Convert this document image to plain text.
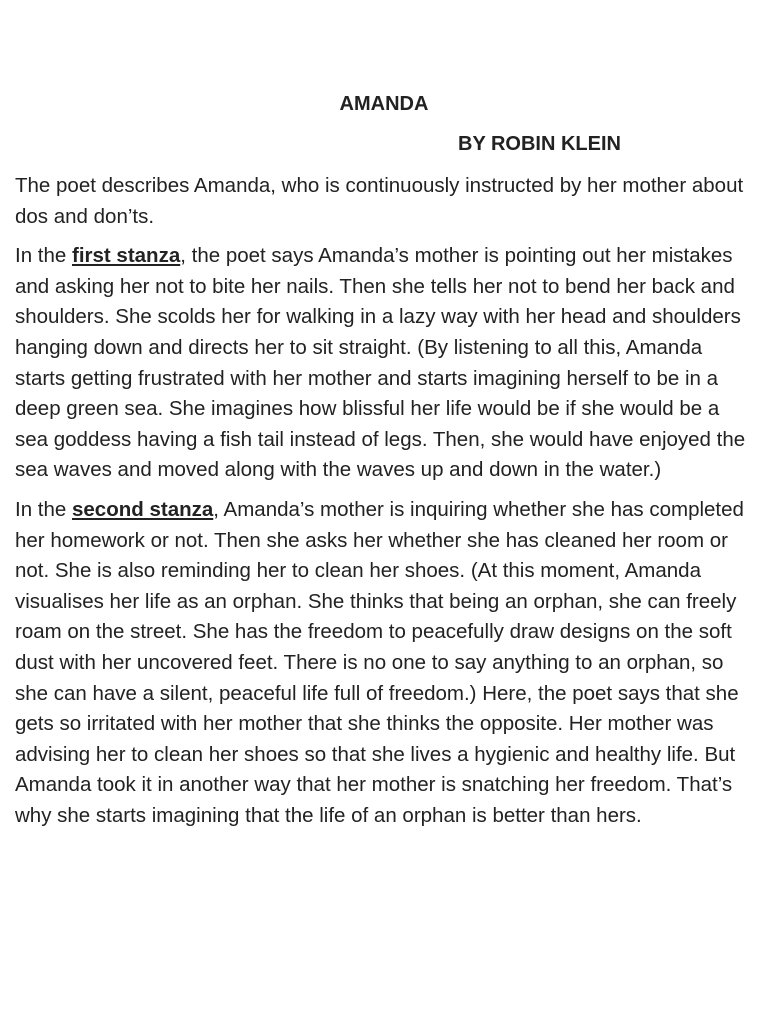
AMANDA
BY ROBIN KLEIN

The poet describes Amanda, who is continuously instructed by her mother about dos and don’ts.

In the first stanza, the poet says Amanda’s mother is pointing out her mistakes and asking her not to bite her nails. Then she tells her not to bend her back and shoulders. She scolds her for walking in a lazy way with her head and shoulders hanging down and directs her to sit straight. (By listening to all this, Amanda starts getting frustrated with her mother and starts imagining herself to be in a deep green sea. She imagines how blissful her life would be if she would be a sea goddess having a fish tail instead of legs. Then, she would have enjoyed the sea waves and moved along with the waves up and down in the water.)

In the second stanza, Amanda’s mother is inquiring whether she has completed her homework or not. Then she asks her whether she has cleaned her room or not. She is also reminding her to clean her shoes. (At this moment, Amanda visualises her life as an orphan. She thinks that being an orphan, she can freely roam on the street. She has the freedom to peacefully draw designs on the soft dust with her uncovered feet. There is no one to say anything to an orphan, so she can have a silent, peaceful life full of freedom.) Here, the poet says that she gets so irritated with her mother that she thinks the opposite. Her mother was advising her to clean her shoes so that she lives a hygienic and healthy life. But Amanda took it in another way that her mother is snatching her freedom. That’s why she starts imagining that the life of an orphan is better than hers.
